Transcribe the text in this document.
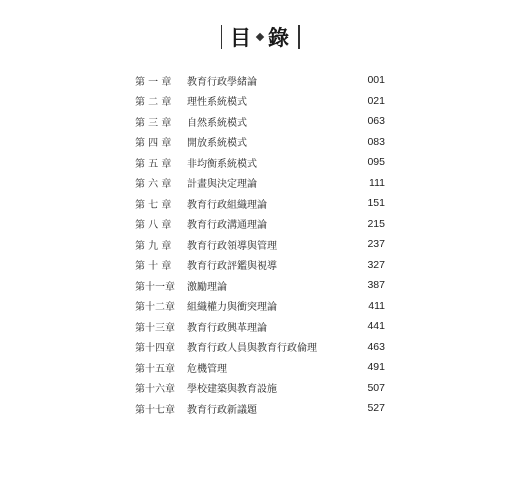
目 錄
第 一 章	教育行政學緒論	001
第 二 章	理性系統模式	021
第 三 章	自然系統模式	063
第 四 章	開放系統模式	083
第 五 章	非均衡系統模式	095
第 六 章	計畫與決定理論	111
第 七 章	教育行政組織理論	151
第 八 章	教育行政溝通理論	215
第 九 章	教育行政領導與管理	237
第 十 章	教育行政評鑑與視導	327
第十一章	激勵理論	387
第十二章	組織權力與衝突理論	411
第十三章	教育行政興革理論	441
第十四章	教育行政人員與教育行政倫理	463
第十五章	危機管理	491
第十六章	學校建築與教育設施	507
第十七章	教育行政新議題	527
